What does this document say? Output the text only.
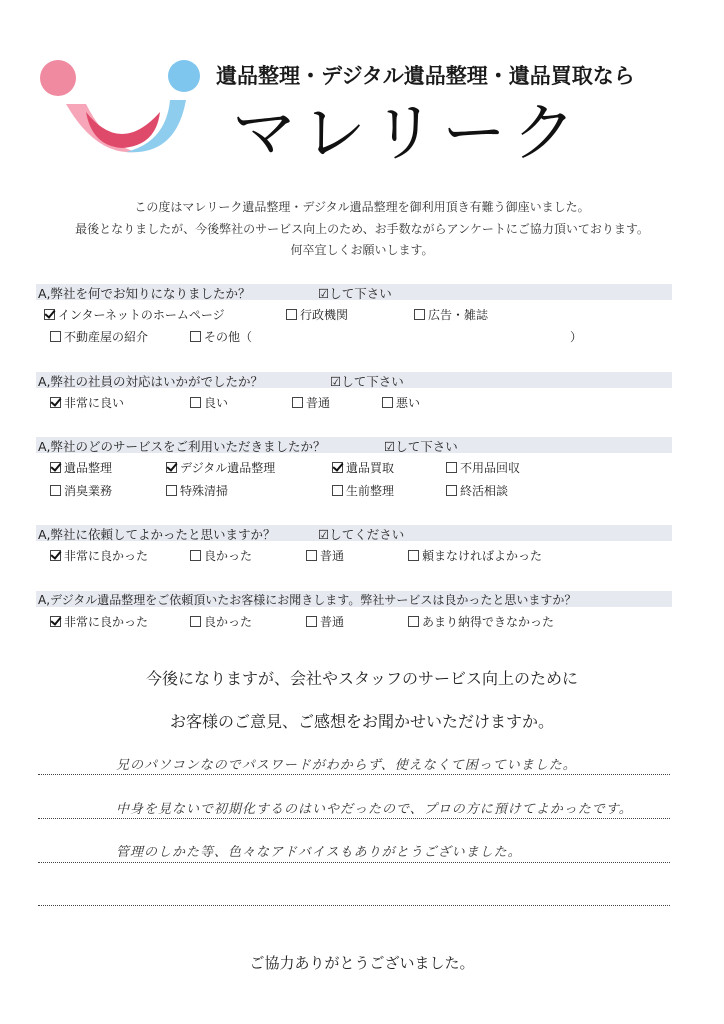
遺品整理・デジタル遺品整理・遺品買取なら
マレリーク
この度はマレリーク遺品整理・デジタル遺品整理を御利用頂き有難う御座いました。
最後となりましたが、今後弊社のサービス向上のため、お手数ながらアンケートにご協力頂いております。
何卒宜しくお願いします。
A,弊社を何でお知りになりましたか？	☑して下さい
インターネットのホームページ	行政機関	広告・雑誌
不動産屋の紹介	その他（	）
A,弊社の社員の対応はいかがでしたか？	☑して下さい
非常に良い	良い	普通	悪い
A,弊社のどのサービスをご利用いただきましたか？	☑して下さい
遺品整理	デジタル遺品整理	遺品買取	不用品回収
消臭業務	特殊清掃	生前整理	終活相談
A,弊社に依頼してよかったと思いますか？	☑してください
非常に良かった	良かった	普通	頼まなければよかった
A,デジタル遺品整理をご依頼頂いたお客様にお聞きします。弊社サービスは良かったと思いますか？
非常に良かった	良かった	普通	あまり納得できなかった
今後になりますが、会社やスタッフのサービス向上のために
お客様のご意見、ご感想をお聞かせいただけますか。
兄のパソコンなのでパスワードがわからず、使えなくて困っていました。
中身を見ないで初期化するのはいやだったので、プロの方に預けてよかったです。
管理のしかた等、色々なアドバイスもありがとうございました。
ご協力ありがとうございました。
